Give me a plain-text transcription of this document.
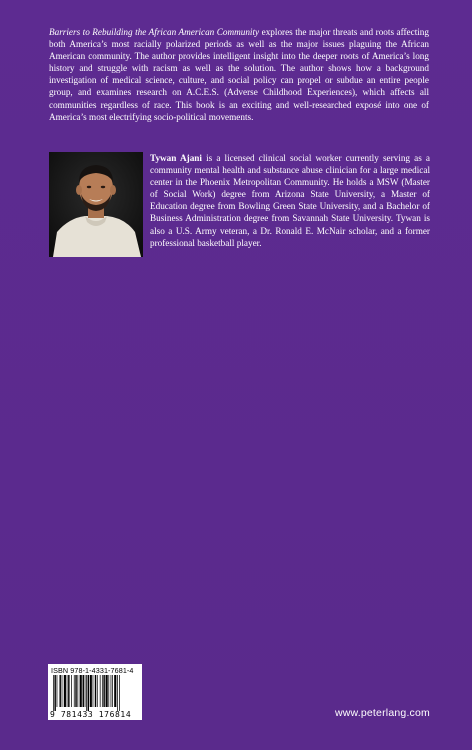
Barriers to Rebuilding the African American Community explores the major threats and roots affecting both America’s most racially polarized periods as well as the major issues plaguing the African American community. The author provides intelligent insight into the deeper roots of America’s long history and struggle with racism as well as the solution. The author shows how a background investigation of medical science, culture, and social policy can propel or subdue an entire people group, and examines research on A.C.E.S. (Adverse Childhood Experiences), which affects all communities regardless of race. This book is an exciting and well-researched exposé into one of America’s most electrifying socio-political movements.

Tywan Ajani is a licensed clinical social worker currently serving as a community mental health and substance abuse clinician for a large medical center in the Phoenix Metropolitan Community. He holds a MSW (Master of Social Work) degree from Arizona State University, a Master of Education degree from Bowling Green State University, and a Bachelor of Business Administration degree from Savannah State University. Tywan is also a U.S. Army veteran, a Dr. Ronald E. McNair scholar, and a former professional basketball player.

ISBN 978-1-4331-7681-4
9 781433 176814	www.peterlang.com
